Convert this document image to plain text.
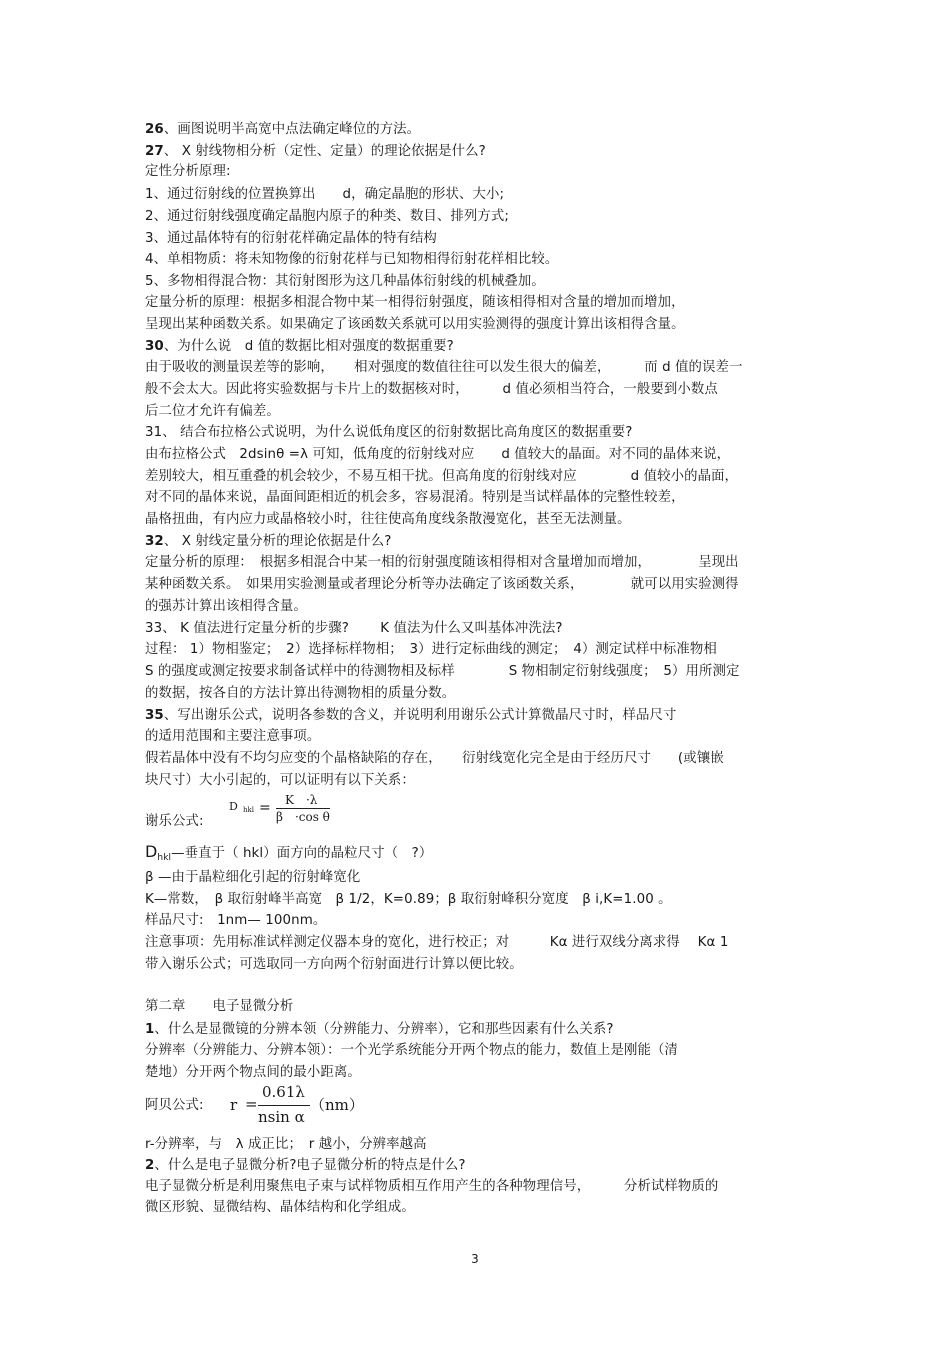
26、画图说明半高宽中点法确定峰位的方法。
27、 X 射线物相分析（定性、定量）的理论依据是什么?
定性分析原理:
1、通过衍射线的位置换算出　　d，确定晶胞的形状、大小;
2、通过衍射线强度确定晶胞内原子的种类、数目、排列方式;
3、通过晶体特有的衍射花样确定晶体的特有结构
4、单相物质：将未知物像的衍射花样与已知物相得衍射花样相比较。
5、多物相得混合物：其衍射图形为这几种晶体衍射线的机械叠加。
定量分析的原理：根据多相混合物中某一相得衍射强度，随该相得相对含量的增加而增加，
呈现出某种函数关系。如果确定了该函数关系就可以用实验测得的强度计算出该相得含量。
30、为什么说　d 值的数据比相对强度的数据重要?
由于吸收的测量误差等的影响，　　相对强度的数值往往可以发生很大的偏差，　　　而 d 值的误差一
般不会太大。因此将实验数据与卡片上的数据核对时，　　　d 值必须相当符合，一般要到小数点
后二位才允许有偏差。
31、 结合布拉格公式说明，为什么说低角度区的衍射数据比高角度区的数据重要?
由布拉格公式　2dsinθ =λ 可知，低角度的衍射线对应　　d 值较大的晶面。对不同的晶体来说，
差别较大，相互重叠的机会较少，不易互相干扰。但高角度的衍射线对应　　　　d 值较小的晶面，
对不同的晶体来说，晶面间距相近的机会多，容易混淆。特别是当试样晶体的完整性较差，
晶格扭曲，有内应力或晶格较小时，往往使高角度线条散漫宽化，甚至无法测量。
32、 X 射线定量分析的理论依据是什么?
定量分析的原理：　根据多相混合中某一相的衍射强度随该相得相对含量增加而增加，　　　　呈现出
某种函数关系。　如果用实验测量或者理论分析等办法确定了该函数关系，　　　　就可以用实验测得
的强苏计算出该相得含量。
33、 K 值法进行定量分析的步骤?　　 K 值法为什么又叫基体冲洗法?
过程： 1）物相鉴定；　2）选择标样物相；　3）进行定标曲线的测定；　4）测定试样中标准物相
S 的强度或测定按要求制备试样中的待测物相及标样　　　　S 物相制定衍射线强度；　5）用所测定
的数据，按各自的方法计算出待测物相的质量分数。
35、写出谢乐公式，说明各参数的含义，并说明利用谢乐公式计算微晶尺寸时，样品尺寸
的适用范围和主要注意事项。
假若晶体中没有不均匀应变的个晶格缺陷的存在，　　衍射线宽化完全是由于经历尺寸　　(或镶嵌
块尺寸）大小引起的，可以证明有以下关系：
谢乐公式:
D hkl = K　·λ
β　·cos θ
$D_{hkl}—$垂直于（ hkl）面方向的晶粒尺寸（　?）
β —由于晶粒细化引起的衍射峰宽化
K—常数，　β 取衍射峰半高宽　β 1/2，K=0.89；β 取衍射峰积分宽度　β i,K=1.00 。
样品尺寸:　1nm— 100nm。
注意事项：先用标准试样测定仪器本身的宽化，进行校正；对　　　Kα 进行双线分离求得　 Kα 1
带入谢乐公式；可选取同一方向两个衍射面进行计算以便比较。
第二章　　电子显微分析
1、什么是显微镜的分辨本领（分辨能力、分辨率），它和那些因素有什么关系?
分辨率（分辨能力、分辨本领）：一个光学系统能分开两个物点的能力，数值上是刚能（清
楚地）分开两个物点间的最小距离。
阿贝公式: r =
0.61λ
nsin α
（nm）
r-分辨率，与　λ 成正比；　r 越小，分辨率越高
2、什么是电子显微分析?电子显微分析的特点是什么?
电子显微分析是利用聚焦电子束与试样物质相互作用产生的各种物理信号，　　　分析试样物质的
微区形貌、显微结构、晶体结构和化学组成。
3
